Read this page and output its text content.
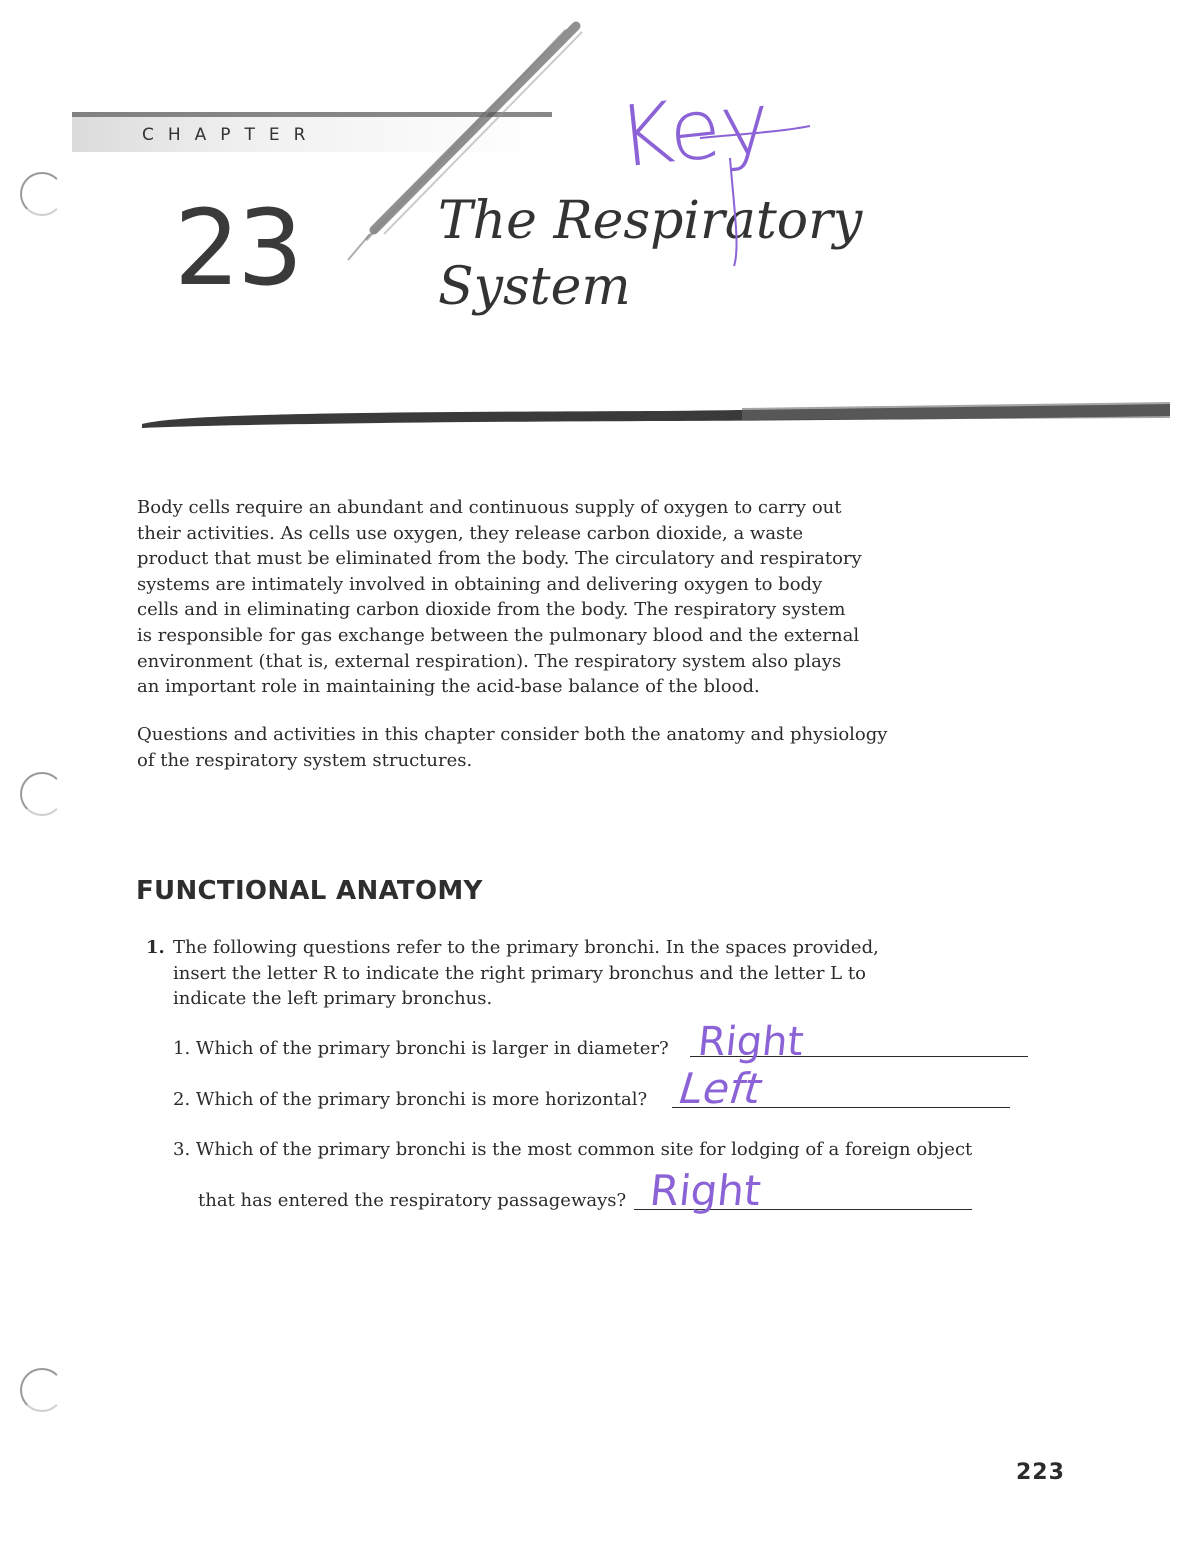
CHAPTER
23	The Respiratory
System
Key
Body cells require an abundant and continuous supply of oxygen to carry out
their activities. As cells use oxygen, they release carbon dioxide, a waste
product that must be eliminated from the body. The circulatory and respiratory
systems are intimately involved in obtaining and delivering oxygen to body
cells and in eliminating carbon dioxide from the body. The respiratory system
is responsible for gas exchange between the pulmonary blood and the external
environment (that is, external respiration). The respiratory system also plays
an important role in maintaining the acid-base balance of the blood.
Questions and activities in this chapter consider both the anatomy and physiology
of the respiratory system structures.
FUNCTIONAL ANATOMY
1. The following questions refer to the primary bronchi. In the spaces provided,
insert the letter R to indicate the right primary bronchus and the letter L to
indicate the left primary bronchus.
1. Which of the primary bronchi is larger in diameter? Right
2. Which of the primary bronchi is more horizontal? Left
3. Which of the primary bronchi is the most common site for lodging of a foreign object
that has entered the respiratory passageways? Right
223
